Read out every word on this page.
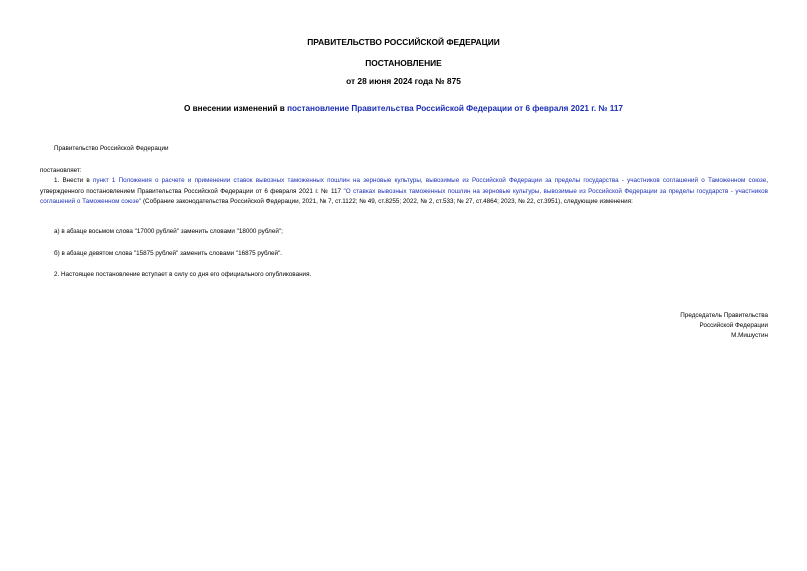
ПРАВИТЕЛЬСТВО РОССИЙСКОЙ ФЕДЕРАЦИИ
ПОСТАНОВЛЕНИЕ
от 28 июня 2024 года № 875
О внесении изменений в постановление Правительства Российской Федерации от 6 февраля 2021 г. № 117
Правительство Российской Федерации
постановляет:
1. Внести в пункт 1 Положения о расчете и применении ставок вывозных таможенных пошлин на зерновые культуры, вывозимые из Российской Федерации за пределы государства - участников соглашений о Таможенном союзе, утвержденного постановлением Правительства Российской Федерации от 6 февраля 2021 г. № 117 "О ставках вывозных таможенных пошлин на зерновые культуры, вывозимые из Российской Федерации за пределы государств - участников соглашений о Таможенном союзе" (Собрание законодательства Российской Федерации, 2021, № 7, ст.1122; № 49, ст.8255; 2022, № 2, ст.533; № 27, ст.4864; 2023, № 22, ст.3951), следующие изменения:
а) в абзаце восьмом слова "17000 рублей" заменить словами "18000 рублей";
б) в абзаце девятом слова "15875 рублей" заменить словами "16875 рублей".
2. Настоящее постановление вступает в силу со дня его официального опубликования.
Председатель Правительства
Российской Федерации
М.Мишустин
